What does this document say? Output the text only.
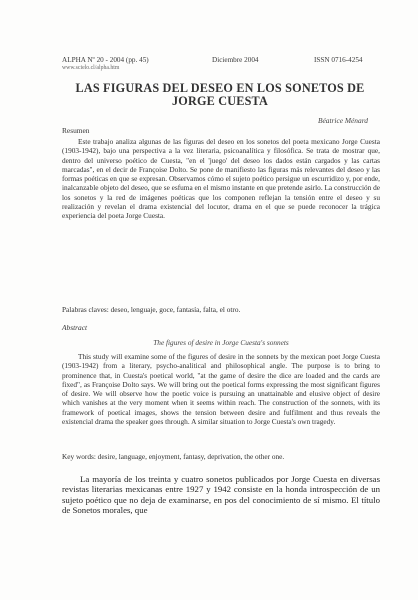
ALPHA Nº 20 - 2004 (pp. 45)	Diciembre 2004	ISSN 0716-4254
www.scielo.cl/alpha.htm
LAS FIGURAS DEL DESEO EN LOS SONETOS DE JORGE CUESTA
Béatrice Ménard
Resumen
Este trabajo analiza algunas de las figuras del deseo en los sonetos del poeta mexicano Jorge Cuesta (1903-1942), bajo una perspectiva a la vez literaria, psicoanalítica y filosófica. Se trata de mostrar que, dentro del universo poético de Cuesta, "en el 'juego' del deseo los dados están cargados y las cartas marcadas", en el decir de Françoise Dolto. Se pone de manifiesto las figuras más relevantes del deseo y las formas poéticas en que se expresan. Observamos cómo el sujeto poético persigue un escurridizo y, por ende, inalcanzable objeto del deseo, que se esfuma en el mismo instante en que pretende asirlo. La construcción de los sonetos y la red de imágenes poéticas que los componen reflejan la tensión entre el deseo y su realización y revelan el drama existencial del locutor, drama en el que se puede reconocer la trágica experiencia del poeta Jorge Cuesta.
Palabras claves: deseo, lenguaje, goce, fantasía, falta, el otro.
Abstract
The figures of desire in Jorge Cuesta's sonnets
This study will examine some of the figures of desire in the sonnets by the mexican poet Jorge Cuesta (1903-1942) from a literary, psycho-analitical and philosophical angle. The purpose is to bring to prominence that, in Cuesta's poetical world, "at the game of desire the dice are loaded and the cards are fixed", as Françoise Dolto says. We will bring out the poetical forms expressing the most significant figures of desire. We will observe how the poetic voice is pursuing an unattainable and elusive object of desire which vanishes at the very moment when it seems within reach. The construction of the sonnets, with its framework of poetical images, shows the tension between desire and fulfilment and thus reveals the existencial drama the speaker goes through. A similar situation to Jorge Cuesta's own tragedy.
Key words: desire, language, enjoyment, fantasy, deprivation, the other one.
La mayoría de los treinta y cuatro sonetos publicados por Jorge Cuesta en diversas revistas literarias mexicanas entre 1927 y 1942 consiste en la honda introspección de un sujeto poético que no deja de examinarse, en pos del conocimiento de sí mismo. El título de Sonetos morales, que
